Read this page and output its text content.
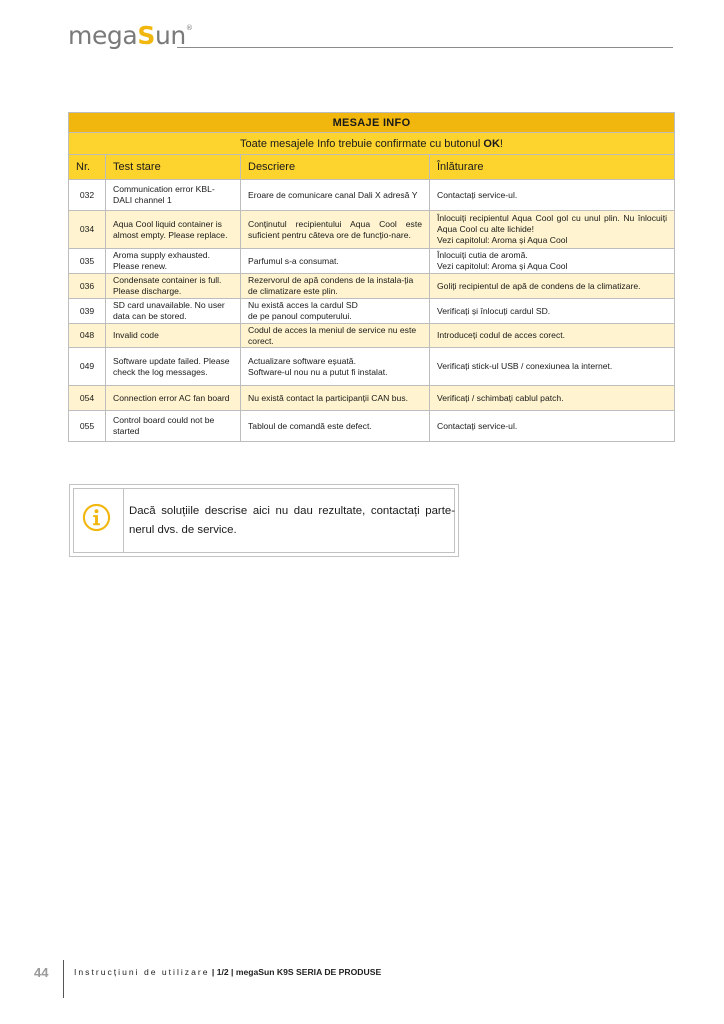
megaSun®
MESAJE INFO			
Toate mesajele Info trebuie confirmate cu butonul OK!			
Nr.	Test stare	Descriere	Înlăturare
032	Communication error KBL-DALI channel 1	Eroare de comunicare canal Dali X adresă Y	Contactați service-ul.
034	Aqua Cool liquid container is almost empty. Please replace.	Conținutul recipientului Aqua Cool este suficient pentru câteva ore de funcțio-nare.	Înlocuiți recipientul Aqua Cool gol cu unul plin. Nu înlocuiți Aqua Cool cu alte lichide!
Vezi capitolul: Aroma și Aqua Cool

035	Aroma supply exhausted. Please renew.	Parfumul s-a consumat.	Înlocuiți cutia de aromă.
Vezi capitolul: Aroma și Aqua Cool

036	Condensate container is full. Please discharge.	Rezervorul de apă condens de la instala-ția de climatizare este plin.	Goliți recipientul de apă de condens de la climatizare.
039	SD card unavailable. No user data can be stored.	Nu există acces la cardul SD
de pe panoul computerului.	Verificați și înlocuți cardul SD.
048	Invalid code	Codul de acces la meniul de service nu este corect.	Introduceți codul de acces corect.
049	Software update failed. Please check the log messages.	Actualizare software eșuată.
Software-ul nou nu a putut fi instalat.	Verificați stick-ul USB / conexiunea la internet.
054	Connection error AC fan board	Nu există contact la participanții CAN bus.	Verificați / schimbați cablul patch.
055	Control board could not be started	Tabloul de comandă este defect.	Contactați service-ul.
Dacă soluțiile descrise aici nu dau rezultate, contactați parte-nerul dvs. de service.
44	Instrucțiuni de utilizare | 1/2 | megaSun K9S SERIA DE PRODUSE
